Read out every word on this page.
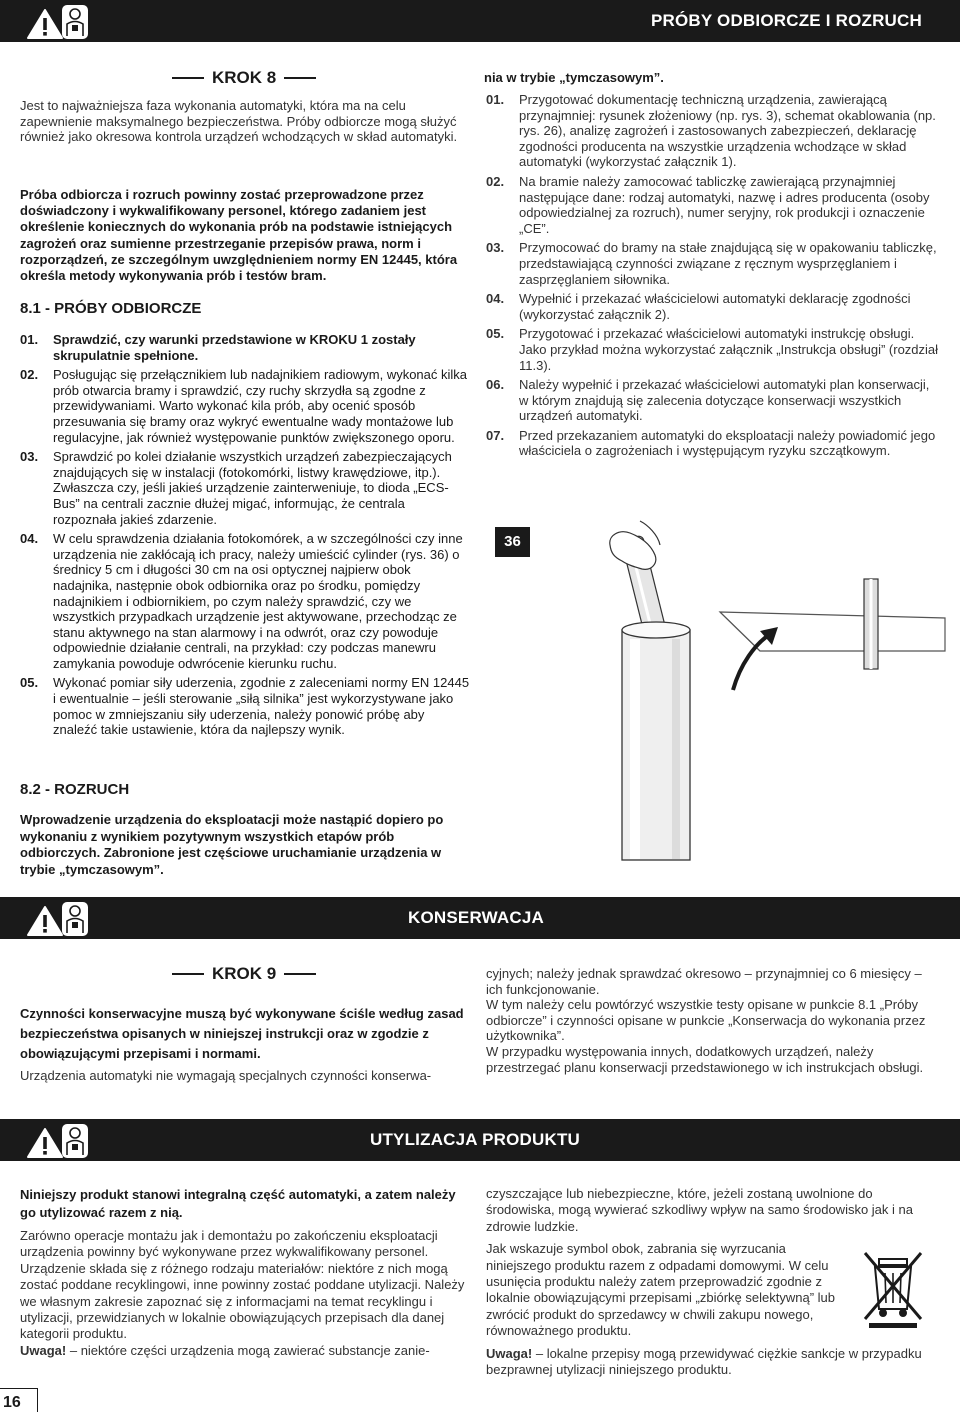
PRÓBY ODBIORCZE I ROZRUCH
KROK 8
Jest to najważniejsza faza wykonania automatyki, która ma na celu zapewnienie maksymalnego bezpieczeństwa. Próby odbiorcze mogą służyć również jako okresowa kontrola urządzeń wchodzących w skład automatyki.
Próba odbiorcza i rozruch powinny zostać przeprowadzone przez doświadczony i wykwalifikowany personel, którego zadaniem jest określenie koniecznych do wykonania prób na podstawie istniejących zagrożeń oraz sumienne przestrzeganie przepisów prawa, norm i rozporządzeń, ze szczególnym uwzględnieniem normy EN 12445, która określa metody wykonywania prób i testów bram.
8.1 - PRÓBY ODBIORCZE
01. Sprawdzić, czy warunki przedstawione w KROKU 1 zostały skrupulatnie spełnione.
02. Posługując się przełącznikiem lub nadajnikiem radiowym, wykonać kilka prób otwarcia bramy i sprawdzić, czy ruchy skrzydła są zgodne z przewidywaniami. Warto wykonać kila prób, aby ocenić sposób przesuwania się bramy oraz wykryć ewentualne wady montażowe lub regulacyjne, jak również występowanie punktów zwiększonego oporu.
03. Sprawdzić po kolei działanie wszystkich urządzeń zabezpieczających znajdujących się w instalacji (fotokomórki, listwy krawędziowe, itp.). Zwłaszcza czy, jeśli jakieś urządzenie zainterweniuje, to dioda „ECS-Bus” na centrali zacznie dłużej migać, informując, że centrala rozpoznała jakieś zdarzenie.
04. W celu sprawdzenia działania fotokomórek, a w szczególności czy inne urządzenia nie zakłócają ich pracy, należy umieścić cylinder (rys. 36) o średnicy 5 cm i długości 30 cm na osi optycznej najpierw obok nadajnika, następnie obok odbiornika oraz po środku, pomiędzy nadajnikiem i odbiornikiem, po czym należy sprawdzić, czy we wszystkich przypadkach urządzenie jest aktywowane, przechodząc ze stanu aktywnego na stan alarmowy i na odwrót, oraz czy powoduje odpowiednie działanie centrali, na przykład: czy podczas manewru zamykania powoduje odwrócenie kierunku ruchu.
05. Wykonać pomiar siły uderzenia, zgodnie z zaleceniami normy EN 12445 i ewentualnie – jeśli sterowanie „siłą silnika” jest wykorzystywane jako pomoc w zmniejszaniu siły uderzenia, należy ponowić próbę aby znaleźć takie ustawienie, która da najlepszy wynik.
8.2 - ROZRUCH
Wprowadzenie urządzenia do eksploatacji może nastąpić dopiero po wykonaniu z wynikiem pozytywnym wszystkich etapów prób odbiorczych. Zabronione jest częściowe uruchamianie urządzenia w trybie „tymczasowym”.
nia w trybie „tymczasowym”.
01. Przygotować dokumentację techniczną urządzenia, zawierającą przynajmniej: rysunek złożeniowy (np. rys. 3), schemat okablowania (np. rys. 26), analizę zagrożeń i zastosowanych zabezpieczeń, deklarację zgodności producenta na wszystkie urządzenia wchodzące w skład automatyki (wykorzystać załącznik 1).
02. Na bramie należy zamocować tabliczkę zawierającą przynajmniej następujące dane: rodzaj automatyki, nazwę i adres producenta (osoby odpowiedzialnej za rozruch), numer seryjny, rok produkcji i oznaczenie „CE”.
03. Przymocować do bramy na stałe znajdującą się w opakowaniu tabliczkę, przedstawiającą czynności związane z ręcznym wysprzęglaniem i zasprzęglaniem siłownika.
04. Wypełnić i przekazać właścicielowi automatyki deklarację zgodności (wykorzystać załącznik 2).
05. Przygotować i przekazać właścicielowi automatyki instrukcję obsługi. Jako przykład można wykorzystać załącznik „Instrukcja obsługi” (rozdział 11.3).
06. Należy wypełnić i przekazać właścicielowi automatyki plan konserwacji, w którym znajdują się zalecenia dotyczące konserwacji wszystkich urządzeń automatyki.
07. Przed przekazaniem automatyki do eksploatacji należy powiadomić jego właściciela o zagrożeniach i występującym ryzyku szczątkowym.
36
KONSERWACJA
KROK 9
Czynności konserwacyjne muszą być wykonywane ściśle według zasad bezpieczeństwa opisanych w niniejszej instrukcji oraz w zgodzie z obowiązującymi przepisami i normami.
Urządzenia automatyki nie wymagają specjalnych czynności konserwa-
cyjnych; należy jednak sprawdzać okresowo – przynajmniej co 6 miesięcy – ich funkcjonowanie.
W tym należy celu powtórzyć wszystkie testy opisane w punkcie 8.1 „Próby odbiorcze” i czynności opisane w punkcie „Konserwacja do wykonania przez użytkownika”.
W przypadku występowania innych, dodatkowych urządzeń, należy przestrzegać planu konserwacji przedstawionego w ich instrukcjach obsługi.
UTYLIZACJA PRODUKTU
Niniejszy produkt stanowi integralną część automatyki, a zatem należy go utylizować razem z nią.
Zarówno operacje montażu jak i demontażu po zakończeniu eksploatacji urządzenia powinny być wykonywane przez wykwalifikowany personel.
Urządzenie składa się z różnego rodzaju materiałów: niektóre z nich mogą zostać poddane recyklingowi, inne powinny zostać poddane utylizacji. Należy we własnym zakresie zapoznać się z informacjami na temat recyklingu i utylizacji, przewidzianych w lokalnie obowiązujących przepisach dla danej kategorii produktu.
Uwaga! – niektóre części urządzenia mogą zawierać substancje zanie-
czyszczające lub niebezpieczne, które, jeżeli zostaną uwolnione do środowiska, mogą wywierać szkodliwy wpływ na samo środowisko jak i na zdrowie ludzkie.
Jak wskazuje symbol obok, zabrania się wyrzucania niniejszego produktu razem z odpadami domowymi. W celu usunięcia produktu należy zatem przeprowadzić zgodnie z lokalnie obowiązującymi przepisami „zbiórkę selektywną” lub zwrócić produkt do sprzedawcy w chwili zakupu nowego, równoważnego produktu.
Uwaga! – lokalne przepisy mogą przewidywać ciężkie sankcje w przypadku bezprawnej utylizacji niniejszego produktu.
16
